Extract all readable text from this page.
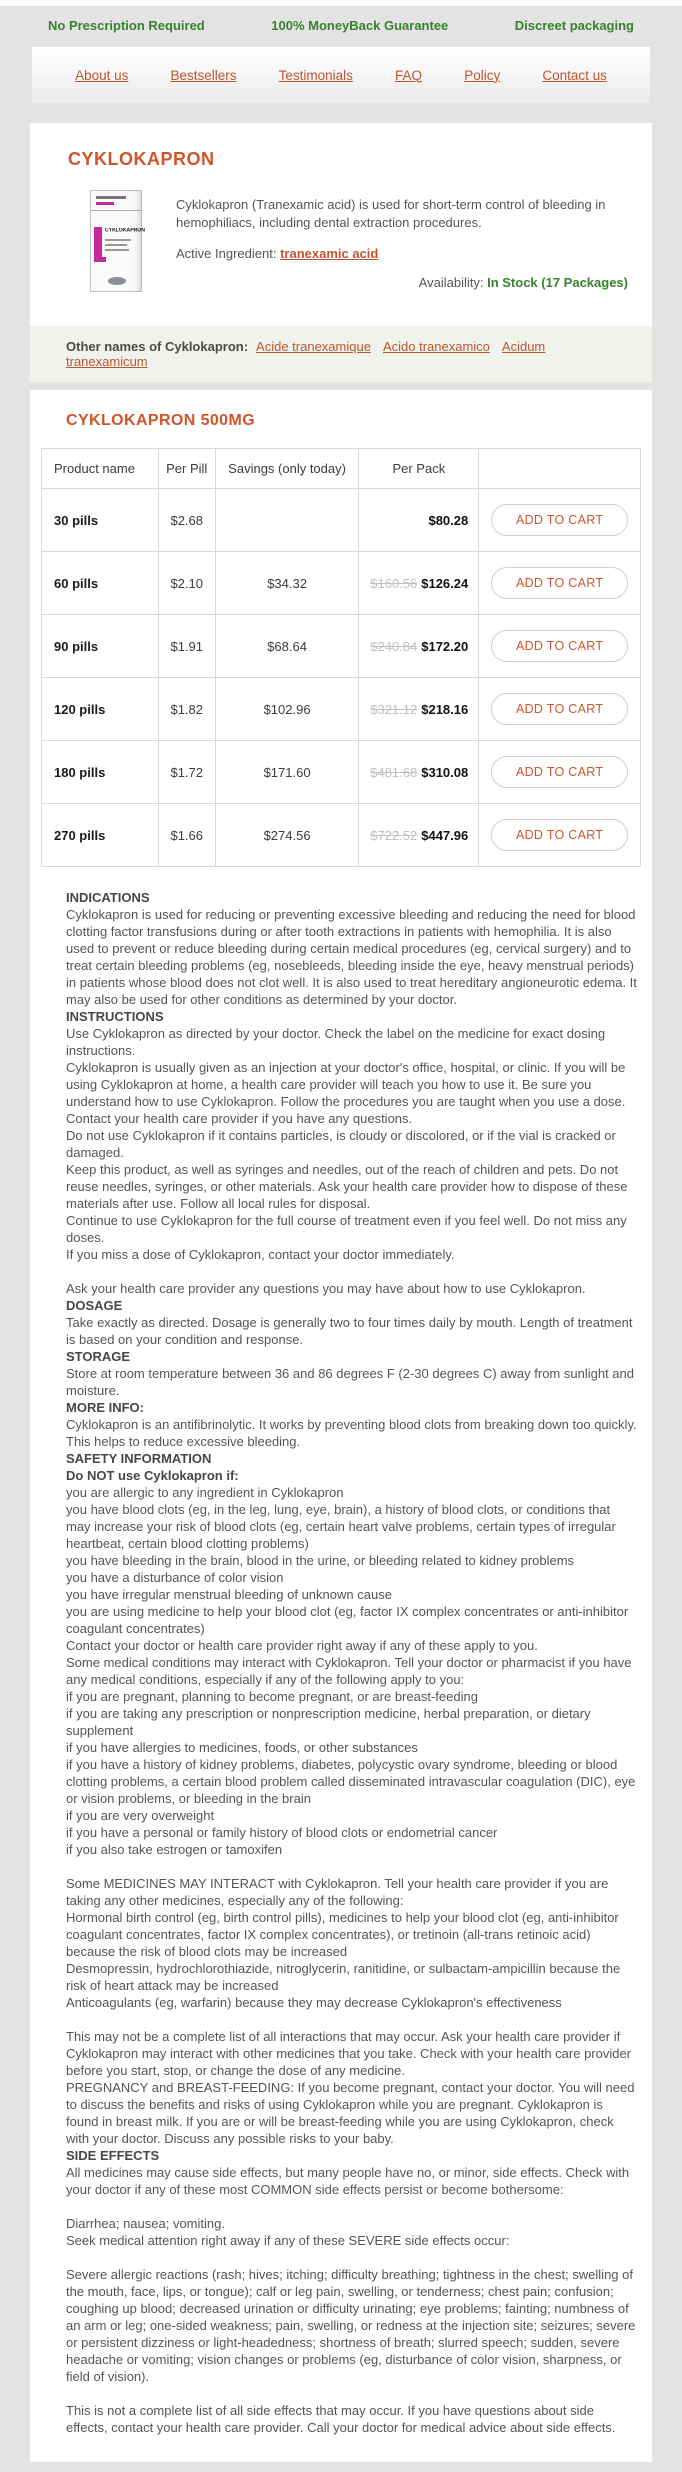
No Prescription Required	100% MoneyBack Guarantee	Discreet packaging
About us	Bestsellers	Testimonials	FAQ	Policy	Contact us
CYKLOKAPRON
CYKLOKAPRON

Cyklokapron (Tranexamic acid) is used for short-term control of bleeding in hemophiliacs, including dental extraction procedures.

Active Ingredient: tranexamic acid

Availability: In Stock (17 Packages)

Other names of Cyklokapron: Acide tranexamique Acido tranexamico Acidum tranexamicum
CYKLOKAPRON 500MG
Product name	Per Pill	Savings (only today)	Per Pack	
30 pills	$2.68		$80.28	ADD TO CART
60 pills	$2.10	$34.32	$160.56 $126.24	ADD TO CART
90 pills	$1.91	$68.64	$240.84 $172.20	ADD TO CART
120 pills	$1.82	$102.96	$321.12 $218.16	ADD TO CART
180 pills	$1.72	$171.60	$481.68 $310.08	ADD TO CART
270 pills	$1.66	$274.56	$722.52 $447.96	ADD TO CART
INDICATIONS
Cyklokapron is used for reducing or preventing excessive bleeding and reducing the need for blood clotting factor transfusions during or after tooth extractions in patients with hemophilia. It is also used to prevent or reduce bleeding during certain medical procedures (eg, cervical surgery) and to treat certain bleeding problems (eg, nosebleeds, bleeding inside the eye, heavy menstrual periods) in patients whose blood does not clot well. It is also used to treat hereditary angioneurotic edema. It may also be used for other conditions as determined by your doctor.
INSTRUCTIONS
Use Cyklokapron as directed by your doctor. Check the label on the medicine for exact dosing instructions.
Cyklokapron is usually given as an injection at your doctor's office, hospital, or clinic. If you will be using Cyklokapron at home, a health care provider will teach you how to use it. Be sure you understand how to use Cyklokapron. Follow the procedures you are taught when you use a dose. Contact your health care provider if you have any questions.
Do not use Cyklokapron if it contains particles, is cloudy or discolored, or if the vial is cracked or damaged.
Keep this product, as well as syringes and needles, out of the reach of children and pets. Do not reuse needles, syringes, or other materials. Ask your health care provider how to dispose of these materials after use. Follow all local rules for disposal.
Continue to use Cyklokapron for the full course of treatment even if you feel well. Do not miss any doses.
If you miss a dose of Cyklokapron, contact your doctor immediately.
Ask your health care provider any questions you may have about how to use Cyklokapron.
DOSAGE
Take exactly as directed. Dosage is generally two to four times daily by mouth. Length of treatment is based on your condition and response.
STORAGE
Store at room temperature between 36 and 86 degrees F (2-30 degrees C) away from sunlight and moisture.
MORE INFO:
Cyklokapron is an antifibrinolytic. It works by preventing blood clots from breaking down too quickly. This helps to reduce excessive bleeding.
SAFETY INFORMATION
Do NOT use Cyklokapron if:
you are allergic to any ingredient in Cyklokapron
you have blood clots (eg, in the leg, lung, eye, brain), a history of blood clots, or conditions that may increase your risk of blood clots (eg, certain heart valve problems, certain types of irregular heartbeat, certain blood clotting problems)
you have bleeding in the brain, blood in the urine, or bleeding related to kidney problems
you have a disturbance of color vision
you have irregular menstrual bleeding of unknown cause
you are using medicine to help your blood clot (eg, factor IX complex concentrates or anti-inhibitor coagulant concentrates)
Contact your doctor or health care provider right away if any of these apply to you.
Some medical conditions may interact with Cyklokapron. Tell your doctor or pharmacist if you have any medical conditions, especially if any of the following apply to you:
if you are pregnant, planning to become pregnant, or are breast-feeding
if you are taking any prescription or nonprescription medicine, herbal preparation, or dietary supplement
if you have allergies to medicines, foods, or other substances
if you have a history of kidney problems, diabetes, polycystic ovary syndrome, bleeding or blood clotting problems, a certain blood problem called disseminated intravascular coagulation (DIC), eye or vision problems, or bleeding in the brain
if you are very overweight
if you have a personal or family history of blood clots or endometrial cancer
if you also take estrogen or tamoxifen
Some MEDICINES MAY INTERACT with Cyklokapron. Tell your health care provider if you are taking any other medicines, especially any of the following:
Hormonal birth control (eg, birth control pills), medicines to help your blood clot (eg, anti-inhibitor coagulant concentrates, factor IX complex concentrates), or tretinoin (all-trans retinoic acid) because the risk of blood clots may be increased
Desmopressin, hydrochlorothiazide, nitroglycerin, ranitidine, or sulbactam-ampicillin because the risk of heart attack may be increased
Anticoagulants (eg, warfarin) because they may decrease Cyklokapron's effectiveness
This may not be a complete list of all interactions that may occur. Ask your health care provider if Cyklokapron may interact with other medicines that you take. Check with your health care provider before you start, stop, or change the dose of any medicine.
PREGNANCY and BREAST-FEEDING: If you become pregnant, contact your doctor. You will need to discuss the benefits and risks of using Cyklokapron while you are pregnant. Cyklokapron is found in breast milk. If you are or will be breast-feeding while you are using Cyklokapron, check with your doctor. Discuss any possible risks to your baby.
SIDE EFFECTS
All medicines may cause side effects, but many people have no, or minor, side effects. Check with your doctor if any of these most COMMON side effects persist or become bothersome:
Diarrhea; nausea; vomiting.
Seek medical attention right away if any of these SEVERE side effects occur:
Severe allergic reactions (rash; hives; itching; difficulty breathing; tightness in the chest; swelling of the mouth, face, lips, or tongue); calf or leg pain, swelling, or tenderness; chest pain; confusion; coughing up blood; decreased urination or difficulty urinating; eye problems; fainting; numbness of an arm or leg; one-sided weakness; pain, swelling, or redness at the injection site; seizures; severe or persistent dizziness or light-headedness; shortness of breath; slurred speech; sudden, severe headache or vomiting; vision changes or problems (eg, disturbance of color vision, sharpness, or field of vision).
This is not a complete list of all side effects that may occur. If you have questions about side effects, contact your health care provider. Call your doctor for medical advice about side effects.
